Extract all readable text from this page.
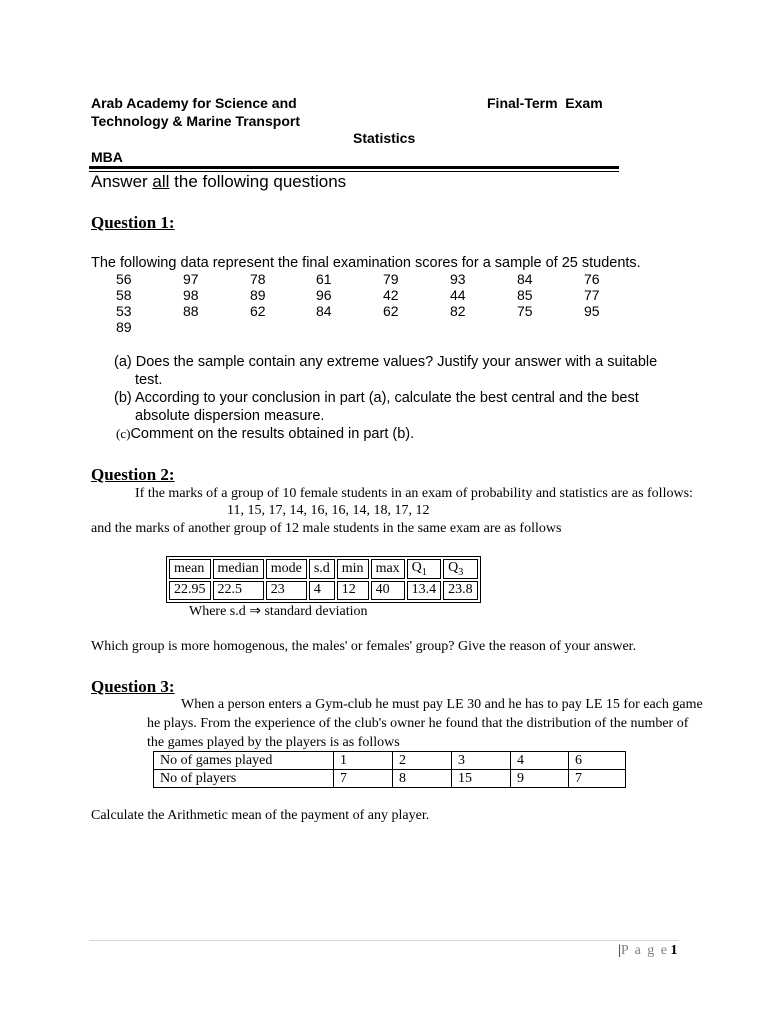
Arab Academy for Science and
Technology & Marine Transport
Final-Term  Exam
Statistics
MBA
Answer all the following questions
Question 1:
The following data represent the final examination scores for a sample of 25 students.
56	97	78	61	79	93	84	76
58	98	89	96	42	44	85	77
53	88	62	84	62	82	75	95
89
(a) Does the sample contain any extreme values? Justify your answer with a suitable
test.
(b) According to your conclusion in part (a), calculate the best central and the best
absolute dispersion measure.
(c)Comment on the results obtained in part (b).
Question 2:
If the marks of a group of 10 female students in an exam of probability and statistics are as follows:
11, 15, 17, 14, 16, 16, 14, 18, 17, 12
and the marks of another group of 12 male students in the same exam are as follows
mean	median	mode	s.d	min	max	$Q_1$	$Q_3$
22.95	22.5	23	4	12	40	13.4	23.8
Where s.d ⇒ standard deviation
Which group is more homogenous, the males' or females' group? Give the reason of your answer.
Question 3:
When a person enters a Gym-club he must pay LE 30 and he has to pay LE 15 for each game
he plays. From the experience of the club's owner he found that the distribution of the number of
the games played by the players is as follows
No of games played	1	2	3	4	6
No of players	7	8	15	9	7
Calculate the Arithmetic mean of the payment of any player.
|P a g e 1
